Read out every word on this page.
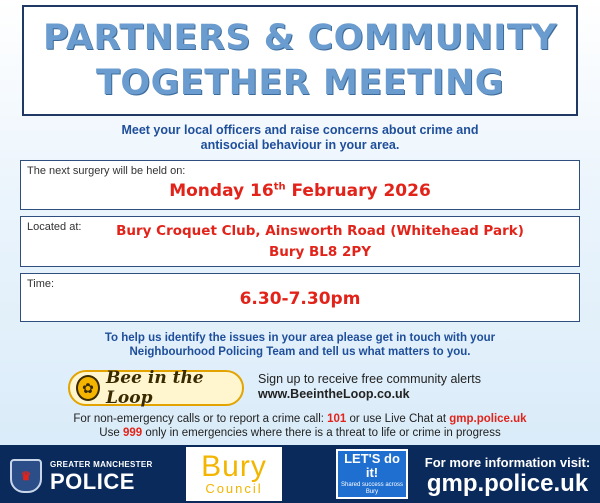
PARTNERS & COMMUNITY
TOGETHER MEETING
Meet your local officers and raise concerns about crime and
antisocial behaviour in your area.
The next surgery will be held on:
Monday 16th February 2026
Located at:	Bury Croquet Club, Ainsworth Road (Whitehead Park)
Bury BL8 2PY
Time:
6.30-7.30pm
To help us identify the issues in your area please get in touch with your
Neighbourhood Policing Team and tell us what matters to you.
✿ Bee in the Loop
Sign up to receive free community alerts
www.BeeintheLoop.co.uk
For non-emergency calls or to report a crime call: 101 or use Live Chat at gmp.police.uk
Use 999 only in emergencies where there is a threat to life or crime in progress
♛
GREATER MANCHESTER
POLICE
For more information visit:
gmp.police.uk
Bury
Council
LET'S do it!
Shared success across Bury
